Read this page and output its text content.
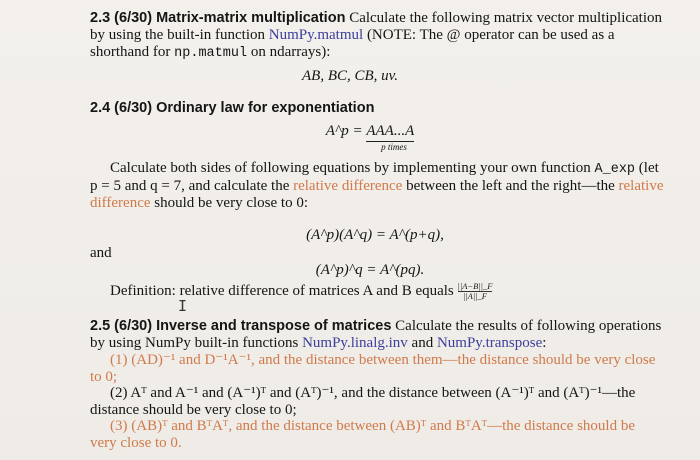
2.3 (6/30) Matrix-matrix multiplication Calculate the following matrix vector multiplication by using the built-in function NumPy.matmul (NOTE: The @ operator can be used as a shorthand for np.matmul on ndarrays):
AB, BC, CB, uv.
2.4 (6/30) Ordinary law for exponentiation
A^p = AAA...A
p times
Calculate both sides of following equations by implementing your own function A_exp (let p = 5 and q = 7, and calculate the relative difference between the left and the right—the relative difference should be very close to 0:
(A^p)(A^q) = A^(p+q),
and
(A^p)^q = A^(pq).
Definition: relative difference of matrices A and B equals $\frac{||A-B||\_F}{||A||\_F}$
I
2.5 (6/30) Inverse and transpose of matrices Calculate the results of following operations by using NumPy built-in functions NumPy.linalg.inv and NumPy.transpose:
(1) (AD)⁻¹ and D⁻¹A⁻¹, and the distance between them—the distance should be very close to 0;
(2) Aᵀ and A⁻¹ and (A⁻¹)ᵀ and (Aᵀ)⁻¹, and the distance between (A⁻¹)ᵀ and (Aᵀ)⁻¹—the distance should be very close to 0;
(3) (AB)ᵀ and BᵀAᵀ, and the distance between (AB)ᵀ and BᵀAᵀ—the distance should be very close to 0.
